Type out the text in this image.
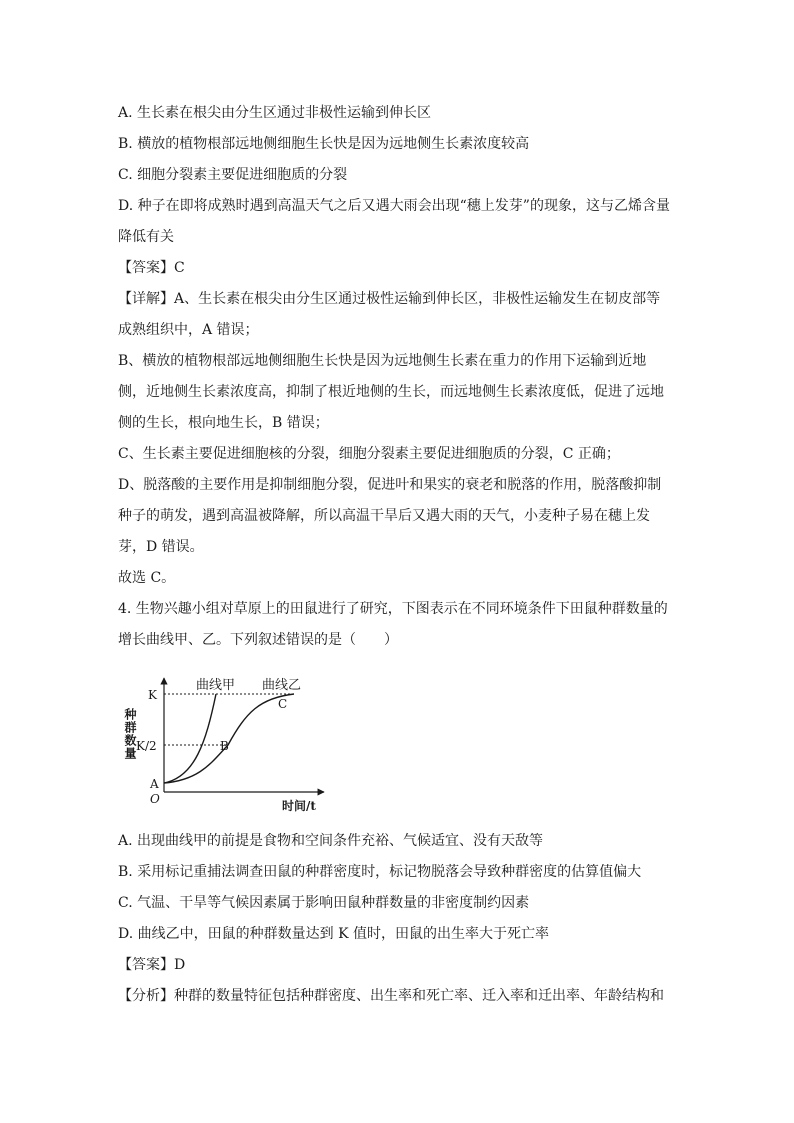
A. 生长素在根尖由分生区通过非极性运输到伸长区
B. 横放的植物根部远地侧细胞生长快是因为远地侧生长素浓度较高
C. 细胞分裂素主要促进细胞质的分裂
D. 种子在即将成熟时遇到高温天气之后又遇大雨会出现“穗上发芽”的现象，这与乙烯含量
降低有关
【答案】C
【详解】A、生长素在根尖由分生区通过极性运输到伸长区，非极性运输发生在韧皮部等
成熟组织中，A 错误；
B、横放的植物根部远地侧细胞生长快是因为远地侧生长素在重力的作用下运输到近地
侧，近地侧生长素浓度高，抑制了根近地侧的生长，而远地侧生长素浓度低，促进了远地
侧的生长，根向地生长，B 错误；
C、生长素主要促进细胞核的分裂，细胞分裂素主要促进细胞质的分裂，C 正确；
D、脱落酸的主要作用是抑制细胞分裂，促进叶和果实的衰老和脱落的作用，脱落酸抑制
种子的萌发，遇到高温被降解，所以高温干旱后又遇大雨的天气，小麦种子易在穗上发
芽，D 错误。
故选 C。
4. 生物兴趣小组对草原上的田鼠进行了研究，下图表示在不同环境条件下田鼠种群数量的
增长曲线甲、乙。下列叙述错误的是（　　）
曲线甲 曲线乙
K
K/2
A
B
C
O	时间/t
种群数量
A. 出现曲线甲的前提是食物和空间条件充裕、气候适宜、没有天敌等
B. 采用标记重捕法调查田鼠的种群密度时，标记物脱落会导致种群密度的估算值偏大
C. 气温、干旱等气候因素属于影响田鼠种群数量的非密度制约因素
D. 曲线乙中，田鼠的种群数量达到 K 值时，田鼠的出生率大于死亡率
【答案】D
【分析】种群的数量特征包括种群密度、出生率和死亡率、迁入率和迁出率、年龄结构和
